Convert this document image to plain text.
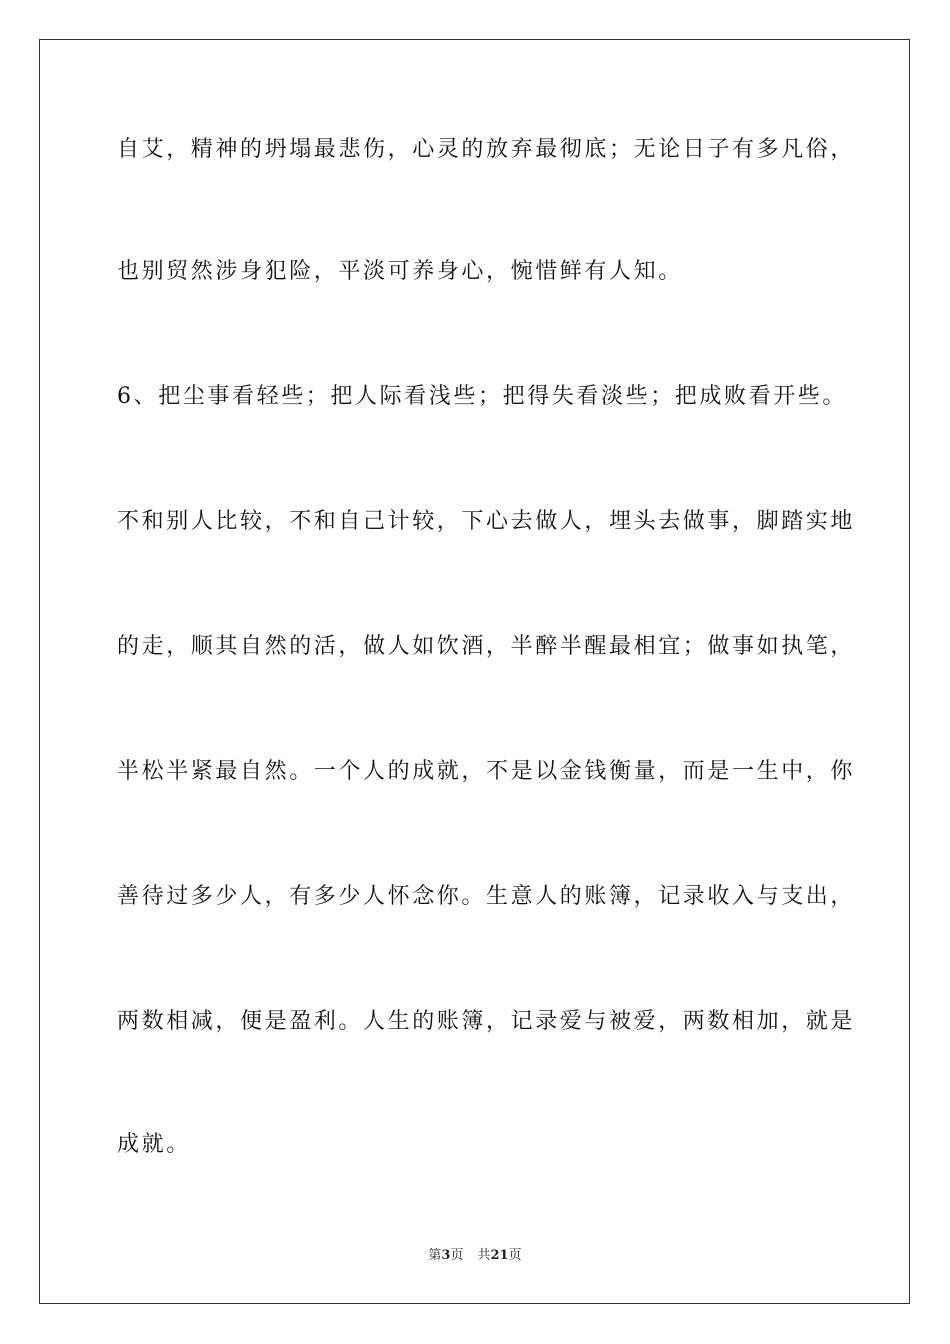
自艾，精神的坍塌最悲伤，心灵的放弃最彻底；无论日子有多凡俗，
也别贸然涉身犯险，平淡可养身心，惋惜鲜有人知。
6、把尘事看轻些；把人际看浅些；把得失看淡些；把成败看开些。
不和别人比较，不和自己计较，下心去做人，埋头去做事，脚踏实地
的走，顺其自然的活，做人如饮酒，半醉半醒最相宜；做事如执笔，
半松半紧最自然。一个人的成就，不是以金钱衡量，而是一生中，你
善待过多少人，有多少人怀念你。生意人的账簿，记录收入与支出，
两数相减，便是盈利。人生的账簿，记录爱与被爱，两数相加，就是
成就。
第3页 共21页
